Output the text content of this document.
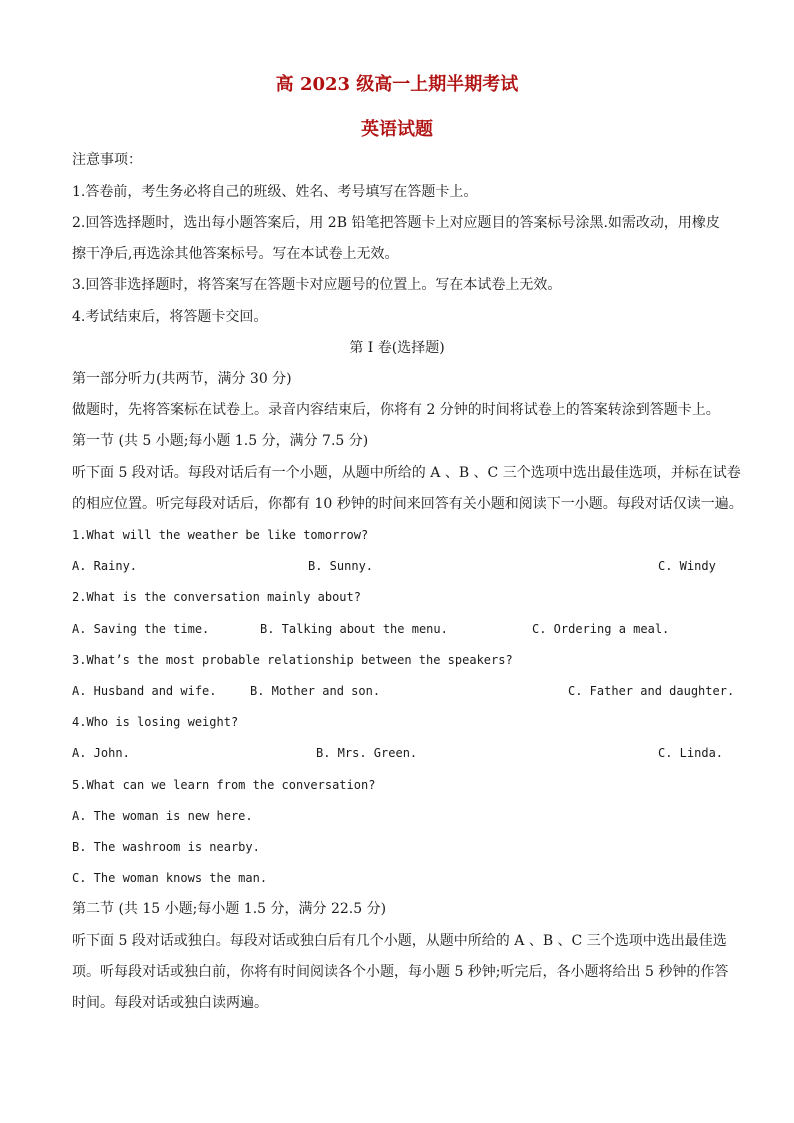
高 2023 级高一上期半期考试
英语试题
注意事项：
1.答卷前，考生务必将自己的班级、姓名、考号填写在答题卡上。
2.回答选择题时，选出每小题答案后，用 2B 铅笔把答题卡上对应题目的答案标号涂黑.如需改动，用橡皮
擦干净后,再选涂其他答案标号。写在本试卷上无效。
3.回答非选择题时，将答案写在答题卡对应题号的位置上。写在本试卷上无效。
4.考试结束后，将答题卡交回。
第 I 卷(选择题)
第一部分听力(共两节，满分 30 分)
做题时，先将答案标在试卷上。录音内容结束后，你将有 2 分钟的时间将试卷上的答案转涂到答题卡上。
第一节 (共 5 小题;每小题 1.5 分，满分 7.5 分)
听下面 5 段对话。每段对话后有一个小题，从题中所给的 A 、B 、C 三个选项中选出最佳选项，并标在试卷
的相应位置。听完每段对话后，你都有 10 秒钟的时间来回答有关小题和阅读下一小题。每段对话仅读一遍。
1.What will the weather be like tomorrow?
A. Rainy.	B. Sunny.	C. Windy
2.What is the conversation mainly about?
A. Saving the time.	B. Talking about the menu.	C. Ordering a meal.
3.What’s the most probable relationship between the speakers?
A. Husband and wife.	B. Mother and son.	C. Father and daughter.
4.Who is losing weight?
A. John.	B. Mrs. Green.	C. Linda.
5.What can we learn from the conversation?
A. The woman is new here.
B. The washroom is nearby.
C. The woman knows the man.
第二节 (共 15 小题;每小题 1.5 分，满分 22.5 分)
听下面 5 段对话或独白。每段对话或独白后有几个小题，从题中所给的 A 、B 、C 三个选项中选出最佳选
项。听每段对话或独白前，你将有时间阅读各个小题，每小题 5 秒钟;听完后，各小题将给出 5 秒钟的作答
时间。每段对话或独白读两遍。
